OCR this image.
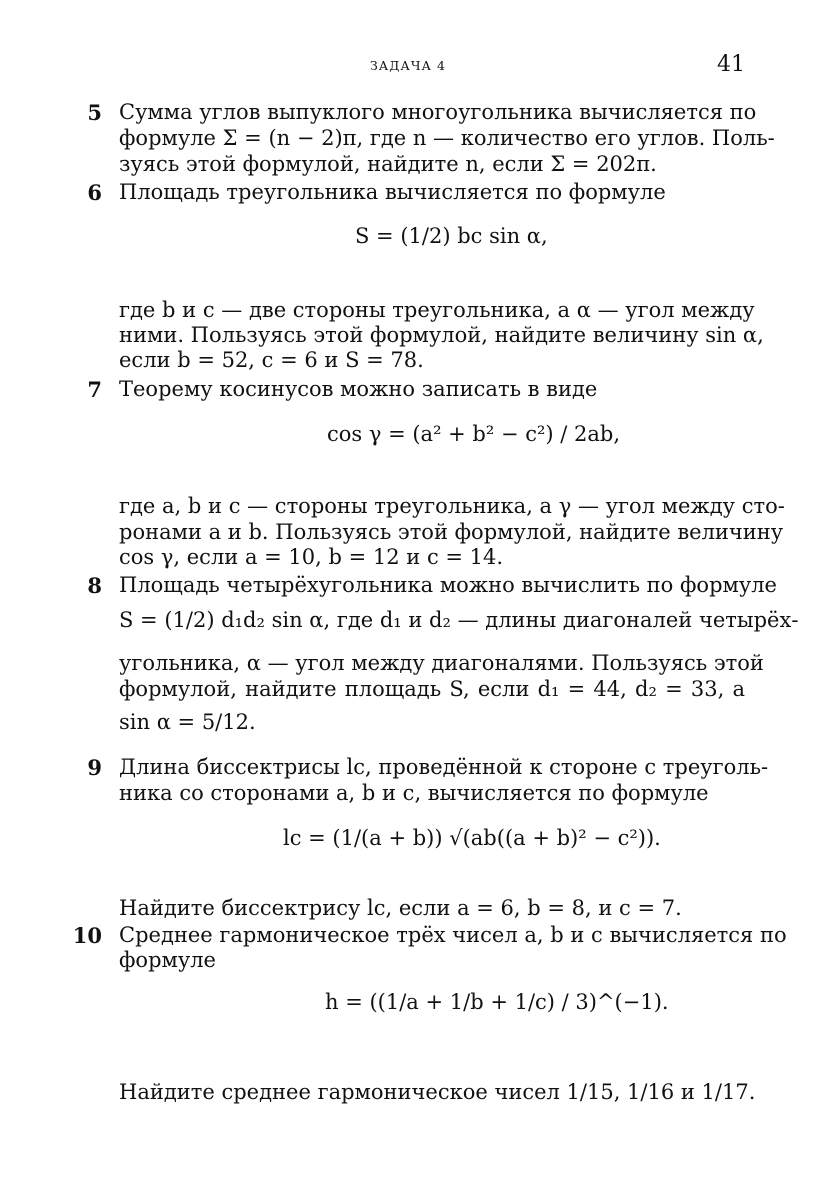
ЗАДАЧА 4	41
5 Сумма углов выпуклого многоугольника вычисляется по
формуле Σ = (n − 2)π, где n — количество его углов. Поль-
зуясь этой формулой, найдите n, если Σ = 202π.
6 Площадь треугольника вычисляется по формуле
S = (1/2) bc sin α,
где b и c — две стороны треугольника, а α — угол между
ними. Пользуясь этой формулой, найдите величину sin α,
если b = 52, c = 6 и S = 78.
7 Теорему косинусов можно записать в виде
cos γ = (a² + b² − c²) / 2ab,
где a, b и c — стороны треугольника, а γ — угол между сто-
ронами a и b. Пользуясь этой формулой, найдите величину
cos γ, если a = 10, b = 12 и c = 14.
8 Площадь четырёхугольника можно вычислить по формуле
S = (1/2) d₁d₂ sin α, где d₁ и d₂ — длины диагоналей четырёх-
угольника, α — угол между диагоналями. Пользуясь этой
формулой, найдите площадь S, если d₁ = 44, d₂ = 33, а
sin α = 5/12.
9 Длина биссектрисы lc, проведённой к стороне c треуголь-
ника со сторонами a, b и c, вычисляется по формуле
lc = (1/(a + b)) √(ab((a + b)² − c²)).
Найдите биссектрису lc, если a = 6, b = 8, и c = 7.
10 Среднее гармоническое трёх чисел a, b и c вычисляется по
формуле
h = ((1/a + 1/b + 1/c) / 3)^(−1).
Найдите среднее гармоническое чисел 1/15, 1/16 и 1/17.
